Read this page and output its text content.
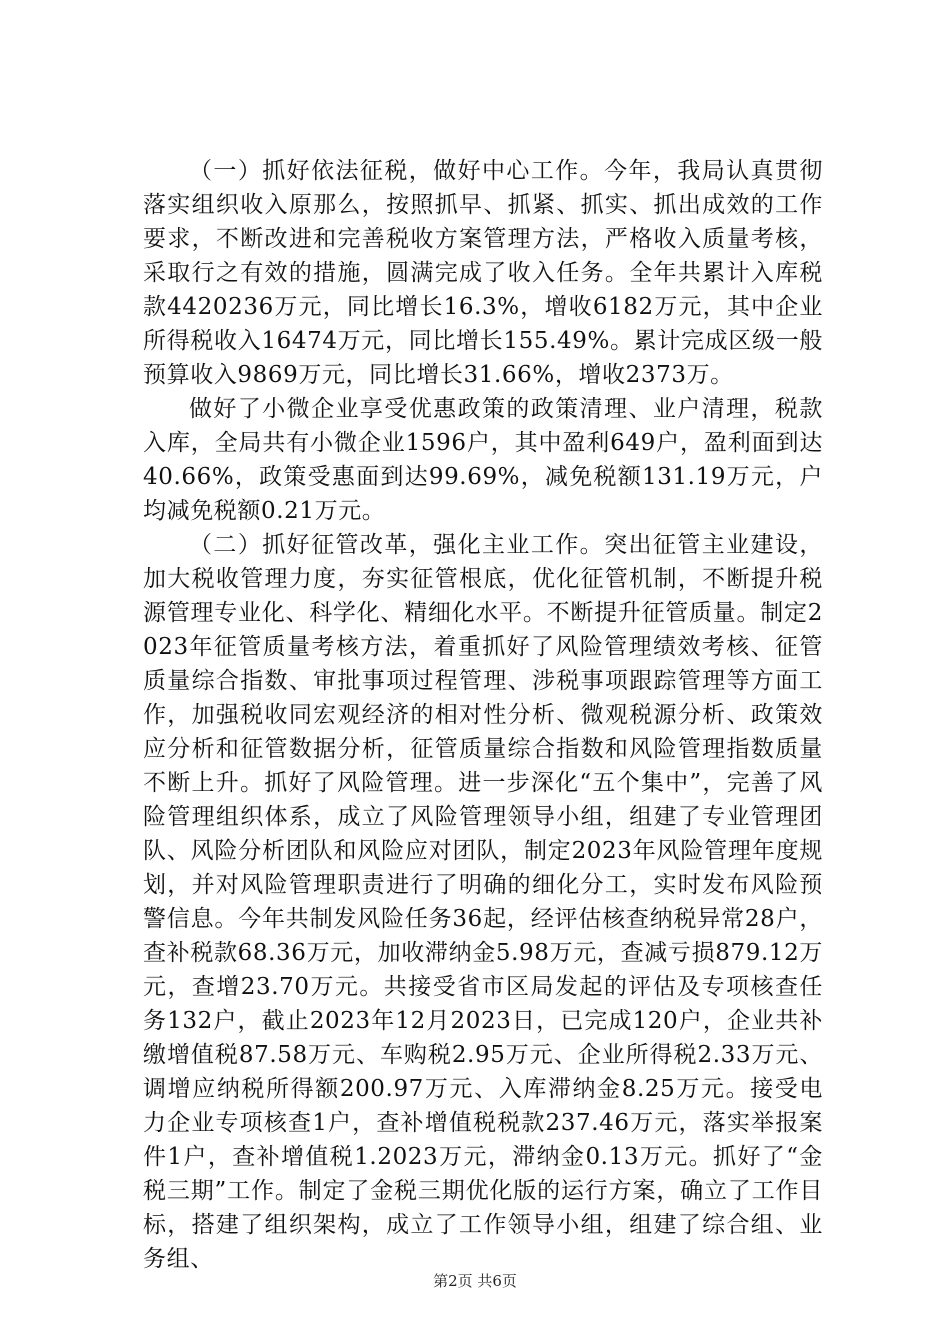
（一）抓好依法征税，做好中心工作。今年，我局认真贯彻落实组织收入原那么，按照抓早、抓紧、抓实、抓出成效的工作要求，不断改进和完善税收方案管理方法，严格收入质量考核，采取行之有效的措施，圆满完成了收入任务。全年共累计入库税款4420236万元，同比增长16.3%，增收6182万元，其中企业所得税收入16474万元，同比增长155.49%。累计完成区级一般预算收入9869万元，同比增长31.66%，增收2373万。

做好了小微企业享受优惠政策的政策清理、业户清理，税款入库，全局共有小微企业1596户，其中盈利649户，盈利面到达40.66%，政策受惠面到达99.69%，减免税额131.19万元，户均减免税额0.21万元。

（二）抓好征管改革，强化主业工作。突出征管主业建设，加大税收管理力度，夯实征管根底，优化征管机制，不断提升税源管理专业化、科学化、精细化水平。不断提升征管质量。制定2023年征管质量考核方法，着重抓好了风险管理绩效考核、征管质量综合指数、审批事项过程管理、涉税事项跟踪管理等方面工作，加强税收同宏观经济的相对性分析、微观税源分析、政策效应分析和征管数据分析，征管质量综合指数和风险管理指数质量不断上升。抓好了风险管理。进一步深化“五个集中”，完善了风险管理组织体系，成立了风险管理领导小组，组建了专业管理团队、风险分析团队和风险应对团队，制定2023年风险管理年度规划，并对风险管理职责进行了明确的细化分工，实时发布风险预警信息。今年共制发风险任务36起，经评估核查纳税异常28户，查补税款68.36万元，加收滞纳金5.98万元，查减亏损879.12万元，查增23.70万元。共接受省市区局发起的评估及专项核查任务132户，截止2023年12月2023日，已完成120户，企业共补缴增值税87.58万元、车购税2.95万元、企业所得税2.33万元、调增应纳税所得额200.97万元、入库滞纳金8.25万元。接受电力企业专项核查1户，查补增值税税款237.46万元，落实举报案件1户，查补增值税1.2023万元，滞纳金0.13万元。抓好了“金税三期”工作。制定了金税三期优化版的运行方案，确立了工作目标，搭建了组织架构，成立了工作领导小组，组建了综合组、业务组、

第2页 共6页
